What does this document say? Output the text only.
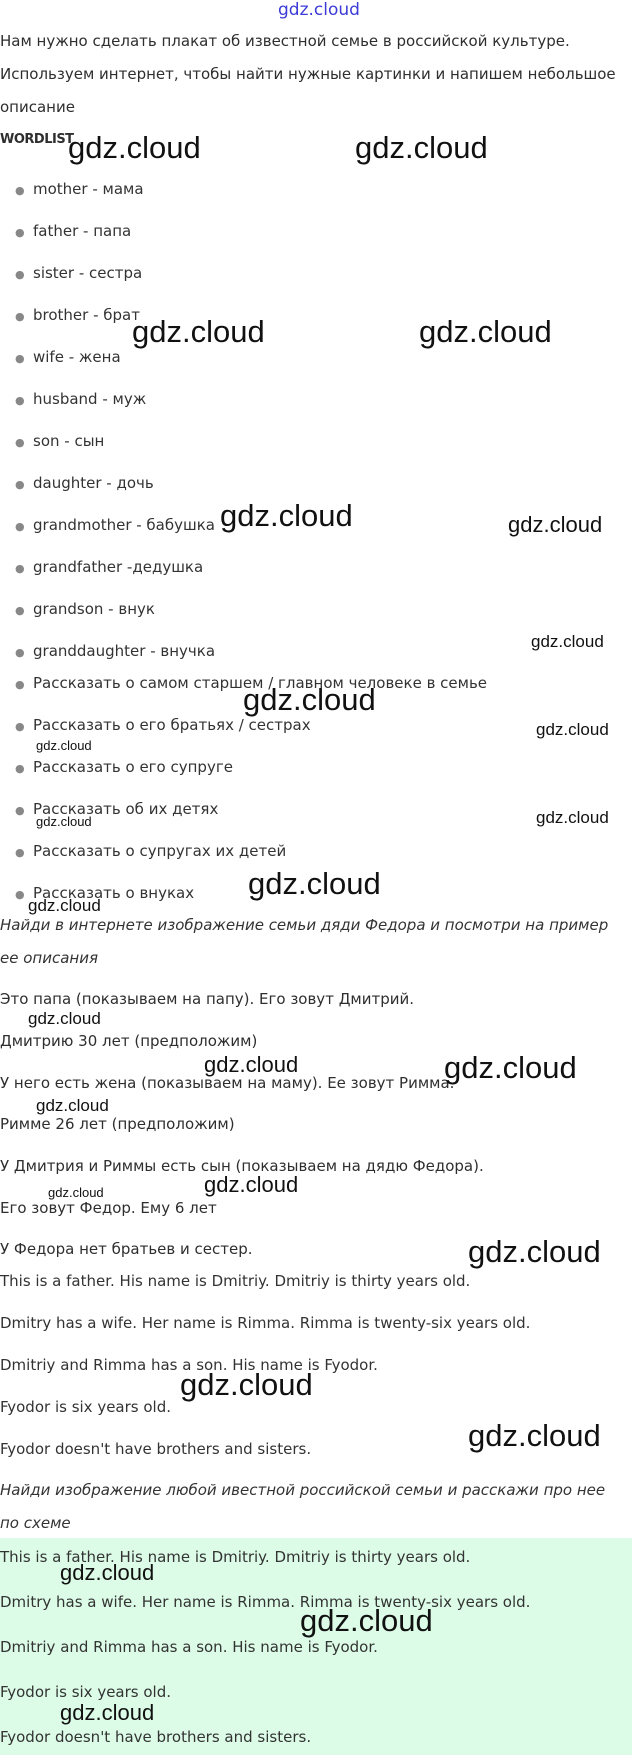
gdz.cloud
Нам нужно сделать плакат об известной семье в российской культуре.
Используем интернет, чтобы найти нужные картинки и напишем небольшое
описание
WORDLIST
● mother - мама
● father - папа
● sister - сестра
● brother - брат
● wife - жена
● husband - муж
● son - сын
● daughter - дочь
● grandmother - бабушка
● grandfather -дедушка
● grandson - внук
● granddaughter - внучка
● Рассказать о самом старшем / главном человеке в семье
● Рассказать о его братьях / сестрах
● Рассказать о его супруге
● Рассказать об их детях
● Рассказать о супругах их детей
● Рассказать о внуках
Найди в интернете изображение семьи дяди Федора и посмотри на пример
ее описания
Это папа (показываем на папу). Его зовут Дмитрий.
Дмитрию 30 лет (предположим)
У него есть жена (показываем на маму). Ее зовут Римма.
Римме 26 лет (предположим)
У Дмитрия и Риммы есть сын (показываем на дядю Федора).
Его зовут Федор. Ему 6 лет
У Федора нет братьев и сестер.
This is a father. His name is Dmitriy. Dmitriy is thirty years old.
Dmitry has a wife. Her name is Rimma. Rimma is twenty-six years old.
Dmitriy and Rimma has a son. His name is Fyodor.
Fyodor is six years old.
Fyodor doesn't have brothers and sisters.
Найди изображение любой ивестной российской семьи и расскажи про нее
по схеме
This is a father. His name is Dmitriy. Dmitriy is thirty years old.
Dmitry has a wife. Her name is Rimma. Rimma is twenty-six years old.
Dmitriy and Rimma has a son. His name is Fyodor.
Fyodor is six years old.
Fyodor doesn't have brothers and sisters.
gdz.cloud	gdz.cloud
gdz.cloud	gdz.cloud
gdz.cloud	gdz.cloud
gdz.cloud
gdz.cloud
gdz.cloud
gdz.cloud
gdz.cloud	gdz.cloud
gdz.cloud
gdz.cloud
gdz.cloud
gdz.cloud	gdz.cloud
gdz.cloud
gdz.cloud	gdz.cloud
gdz.cloud
gdz.cloud
gdz.cloud
gdz.cloud
gdz.cloud
gdz.cloud
